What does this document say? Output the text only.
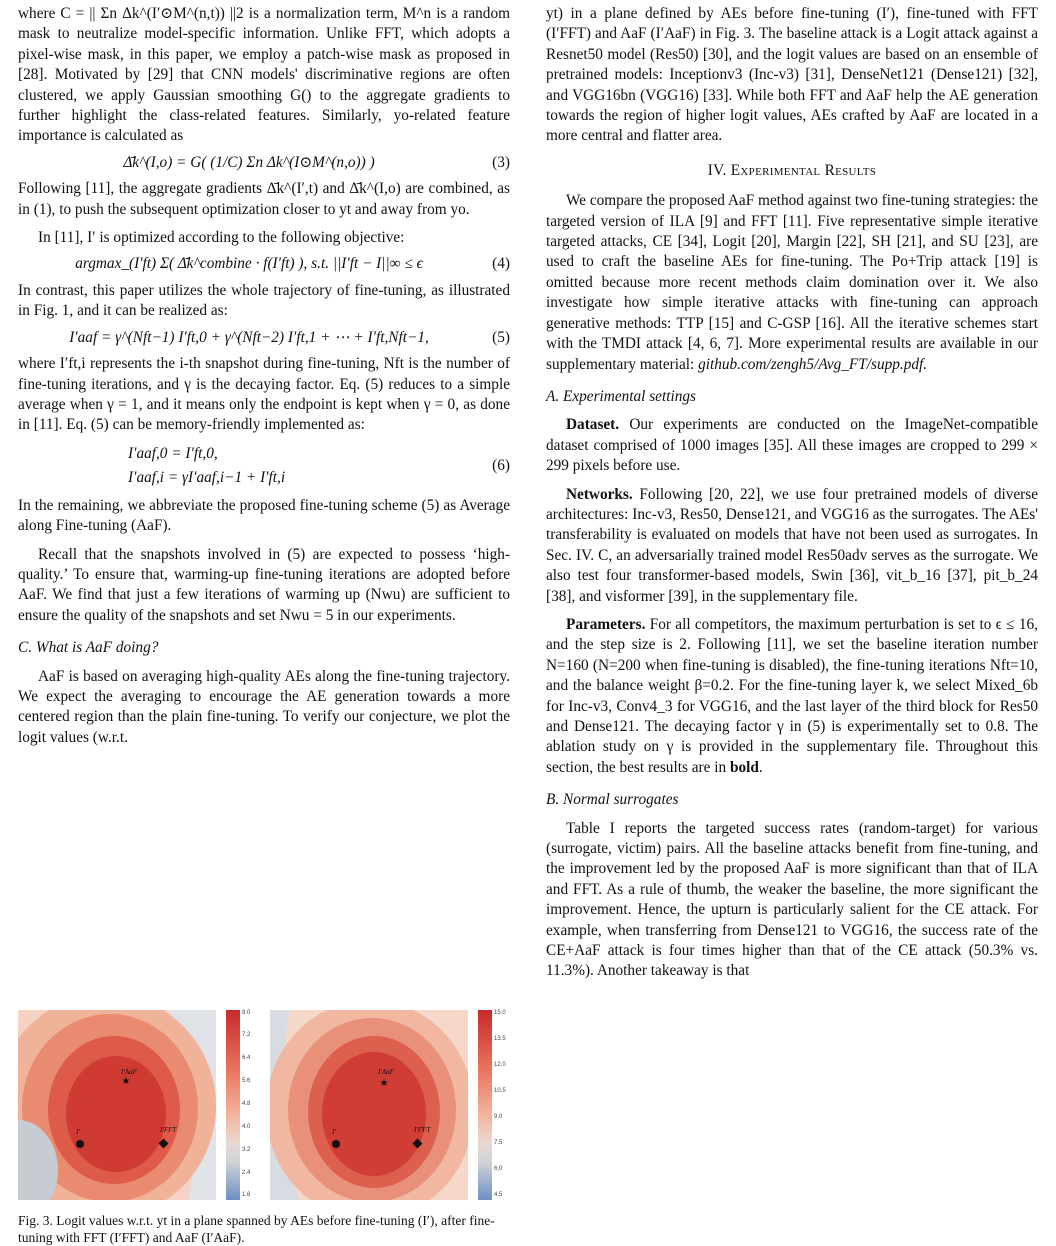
where C = || Σn Δk^(I′⊙M^(n,t)) ||2 is a normalization term, M^n is a random mask to neutralize model-specific information. Unlike FFT, which adopts a pixel-wise mask, in this paper, we employ a patch-wise mask as proposed in [28]. Motivated by [29] that CNN models' discriminative regions are often clustered, we apply Gaussian smoothing G() to the aggregate gradients to further highlight the class-related features. Similarly, yo-related feature importance is calculated as

Δ̄k^(I,o) = G( (1/C) Σn Δk^(I⊙M^(n,o)) )	(3)

Following [11], the aggregate gradients Δ̄k^(I′,t) and Δ̄k^(I,o) are combined, as in (1), to push the subsequent optimization closer to yt and away from yo.

In [11], I′ is optimized according to the following objective:

argmax_(I′ft) Σ( Δ̄k^combine · f(I′ft) ), s.t. ||I′ft − I||∞ ≤ ϵ	(4)

In contrast, this paper utilizes the whole trajectory of fine-tuning, as illustrated in Fig. 1, and it can be realized as:

I′aaf = γ^(Nft−1) I′ft,0 + γ^(Nft−2) I′ft,1 + ⋯ + I′ft,Nft−1,	(5)

where I′ft,i represents the i-th snapshot during fine-tuning, Nft is the number of fine-tuning iterations, and γ is the decaying factor. Eq. (5) reduces to a simple average when γ = 1, and it means only the endpoint is kept when γ = 0, as done in [11]. Eq. (5) can be memory-friendly implemented as:

I′aaf,0 = I′ft,0,
I′aaf,i = γI′aaf,i−1 + I′ft,i
(6)

In the remaining, we abbreviate the proposed fine-tuning scheme (5) as Average along Fine-tuning (AaF).

Recall that the snapshots involved in (5) are expected to possess ‘high-quality.’ To ensure that, warming-up fine-tuning iterations are adopted before AaF. We find that just a few iterations of warming up (Nwu) are sufficient to ensure the quality of the snapshots and set Nwu = 5 in our experiments.

C. What is AaF doing?

AaF is based on averaging high-quality AEs along the fine-tuning trajectory. We expect the averaging to encourage the AE generation towards a more centered region than the plain fine-tuning. To verify our conjecture, we plot the logit values (w.r.t.

★
I′AaF
I′	I′FFT
8.0
7.2
6.4
5.6
4.8
4.0
3.2
2.4
1.6
★
I′AaF
I′	I′FFT
15.0
13.5
12.0
10.5
9.0
7.5
6.0
4.5
Fig. 3. Logit values w.r.t. yt in a plane spanned by AEs before fine-tuning (I′), after fine-tuning with FFT (I′FFT) and AaF (I′AaF).

yt) in a plane defined by AEs before fine-tuning (I′), fine-tuned with FFT (I′FFT) and AaF (I′AaF) in Fig. 3. The baseline attack is a Logit attack against a Resnet50 model (Res50) [30], and the logit values are based on an ensemble of pretrained models: Inceptionv3 (Inc-v3) [31], DenseNet121 (Dense121) [32], and VGG16bn (VGG16) [33]. While both FFT and AaF help the AE generation towards the region of higher logit values, AEs crafted by AaF are located in a more central and flatter area.

IV. Experimental Results

We compare the proposed AaF method against two fine-tuning strategies: the targeted version of ILA [9] and FFT [11]. Five representative simple iterative targeted attacks, CE [34], Logit [20], Margin [22], SH [21], and SU [23], are used to craft the baseline AEs for fine-tuning. The Po+Trip attack [19] is omitted because more recent methods claim domination over it. We also investigate how simple iterative attacks with fine-tuning can approach generative methods: TTP [15] and C-GSP [16]. All the iterative schemes start with the TMDI attack [4, 6, 7]. More experimental results are available in our supplementary material: github.com/zengh5/Avg_FT/supp.pdf.

A. Experimental settings

Dataset. Our experiments are conducted on the ImageNet-compatible dataset comprised of 1000 images [35]. All these images are cropped to 299 × 299 pixels before use.

Networks. Following [20, 22], we use four pretrained models of diverse architectures: Inc-v3, Res50, Dense121, and VGG16 as the surrogates. The AEs' transferability is evaluated on models that have not been used as surrogates. In Sec. IV. C, an adversarially trained model Res50adv serves as the surrogate. We also test four transformer-based models, Swin [36], vit_b_16 [37], pit_b_24 [38], and visformer [39], in the supplementary file.

Parameters. For all competitors, the maximum perturbation is set to ϵ ≤ 16, and the step size is 2. Following [11], we set the baseline iteration number N=160 (N=200 when fine-tuning is disabled), the fine-tuning iterations Nft=10, and the balance weight β=0.2. For the fine-tuning layer k, we select Mixed_6b for Inc-v3, Conv4_3 for VGG16, and the last layer of the third block for Res50 and Dense121. The decaying factor γ in (5) is experimentally set to 0.8. The ablation study on γ is provided in the supplementary file. Throughout this section, the best results are in bold.

B. Normal surrogates

Table I reports the targeted success rates (random-target) for various (surrogate, victim) pairs. All the baseline attacks benefit from fine-tuning, and the improvement led by the proposed AaF is more significant than that of ILA and FFT. As a rule of thumb, the weaker the baseline, the more significant the improvement. Hence, the upturn is particularly salient for the CE attack. For example, when transferring from Dense121 to VGG16, the success rate of the CE+AaF attack is four times higher than that of the CE attack (50.3% vs. 11.3%). Another takeaway is that
